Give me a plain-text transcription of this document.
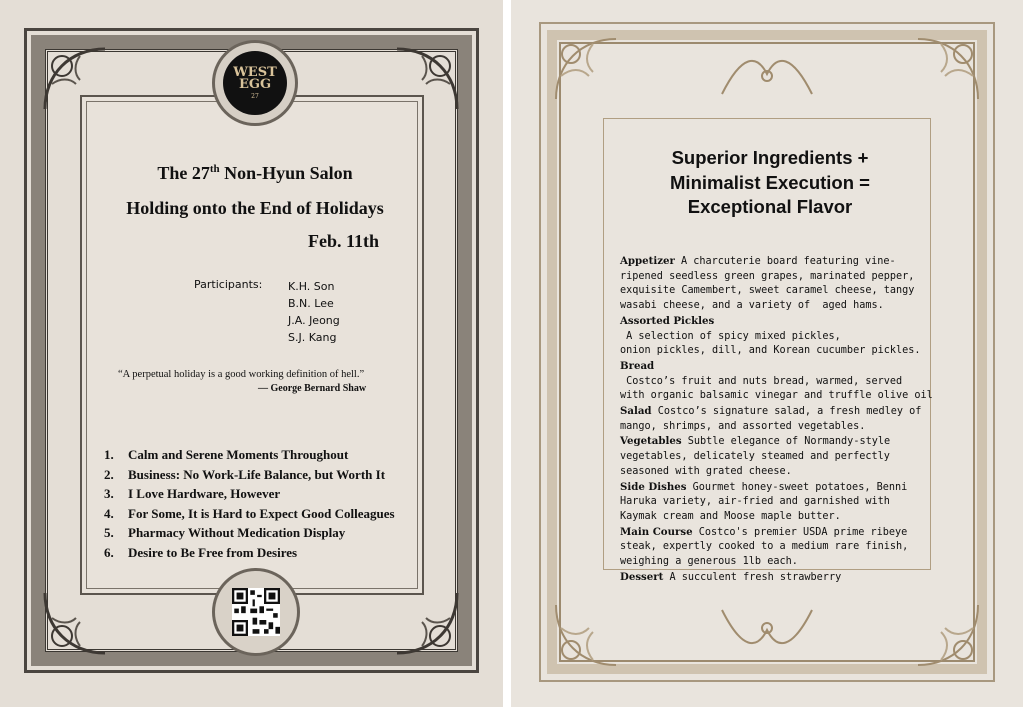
WEST
EGG
27
The 27th Non-Hyun Salon
Holding onto the End of Holidays
Feb. 11th
Participants: K.H. Son
B.N. Lee
J.A. Jeong
S.J. Kang
“A perpetual holiday is a good working definition of hell.”
— George Bernard Shaw
1. Calm and Serene Moments Throughout
2. Business: No Work-Life Balance, but Worth It
3. I Love Hardware, However
4. For Some, It is Hard to Expect Good Colleagues
5. Pharmacy Without Medication Display
6. Desire to Be Free from Desires
Superior Ingredients +
Minimalist Execution =
Exceptional Flavor
Appetizer A charcuterie board featuring vine-
ripened seedless green grapes, marinated pepper,
exquisite Camembert, sweet caramel cheese, tangy
wasabi cheese, and a variety of  aged hams.
Assorted Pickles A selection of spicy mixed pickles,
onion pickles, dill, and Korean cucumber pickles.
Bread Costco’s fruit and nuts bread, warmed, served
with organic balsamic vinegar and truffle olive oil
Salad Costco’s signature salad, a fresh medley of
mango, shrimps, and assorted vegetables.
Vegetables Subtle elegance of Normandy-style
vegetables, delicately steamed and perfectly
seasoned with grated cheese.
Side Dishes Gourmet honey-sweet potatoes, Benni
Haruka variety, air-fried and garnished with
Kaymak cream and Moose maple butter.
Main Course Costco's premier USDA prime ribeye
steak, expertly cooked to a medium rare finish,
weighing a generous 1lb each.
Dessert A succulent fresh strawberry
